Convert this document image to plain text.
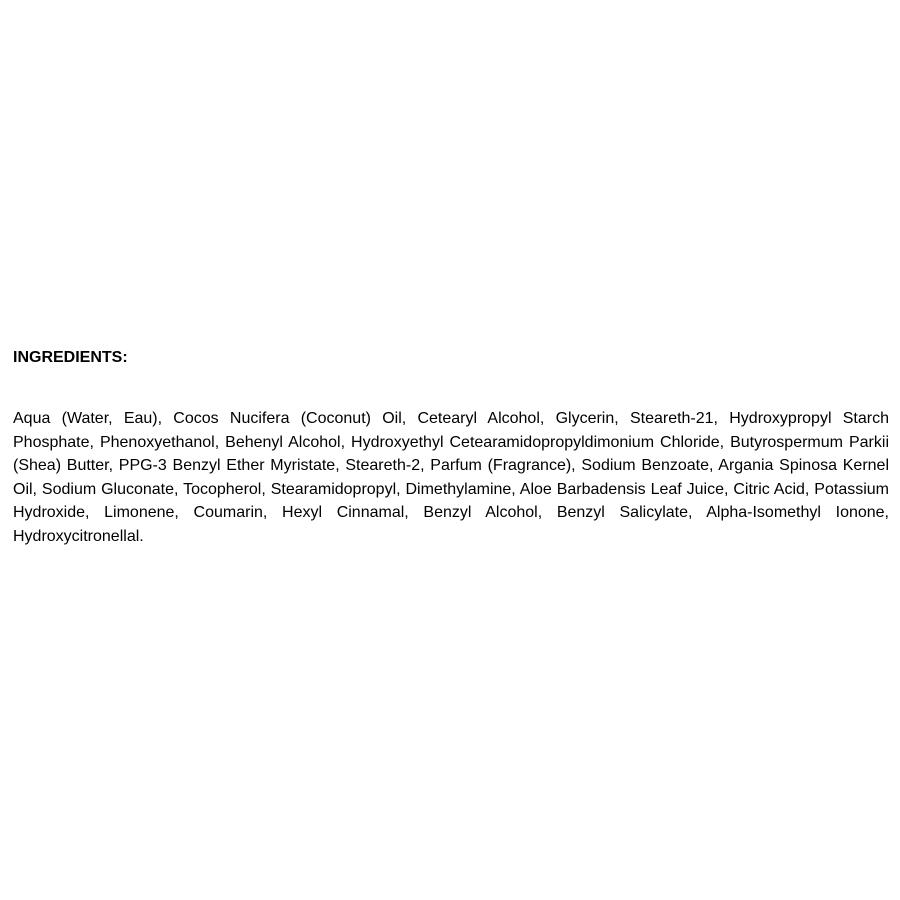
INGREDIENTS:

Aqua (Water, Eau), Cocos Nucifera (Coconut) Oil, Cetearyl Alcohol, Glycerin, Steareth-21, Hydroxypropyl Starch Phosphate, Phenoxyethanol, Behenyl Alcohol, Hydroxyethyl Cetearamidopropyldimonium Chloride, Butyrospermum Parkii (Shea) Butter, PPG-3 Benzyl Ether Myristate, Steareth-2, Parfum (Fragrance), Sodium Benzoate, Argania Spinosa Kernel Oil, Sodium Gluconate, Tocopherol, Stearamidopropyl, Dimethylamine, Aloe Barbadensis Leaf Juice, Citric Acid, Potassium Hydroxide, Limonene, Coumarin, Hexyl Cinnamal, Benzyl Alcohol, Benzyl Salicylate, Alpha-Isomethyl Ionone, Hydroxycitronellal.
